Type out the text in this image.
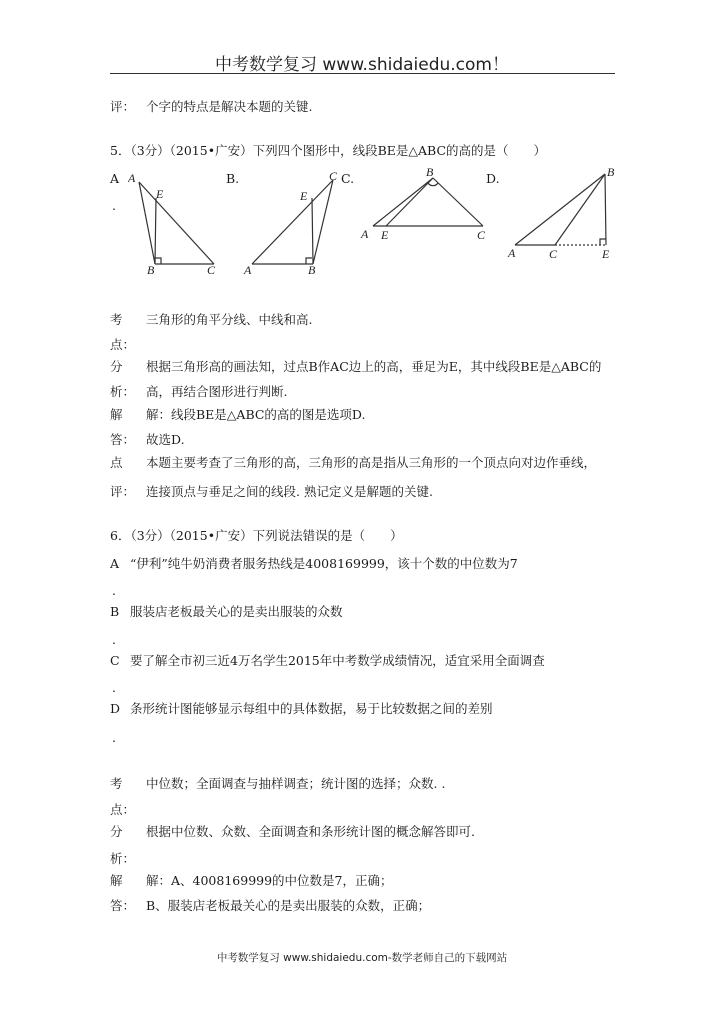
中考数学复习 www.shidaiedu.com！
评： 个字的特点是解决本题的关键.
5．（3分）（2015•广安）下列四个图形中，线段BE是△ABC的高的是（　　）
A
.
B.	C.	D.
A
E
B	C A
E
B
C	B
A E	C
B
A	C	E
考 三角形的角平分线、中线和高.
点：
分 根据三角形高的画法知，过点B作AC边上的高，垂足为E，其中线段BE是△ABC的
析： 高，再结合图形进行判断.
解 解：线段BE是△ABC的高的图是选项D.
答： 故选D.
点 本题主要考查了三角形的高，三角形的高是指从三角形的一个顶点向对边作垂线，
评： 连接顶点与垂足之间的线段. 熟记定义是解题的关键.
6．（3分）（2015•广安）下列说法错误的是（　　）
A “伊利”纯牛奶消费者服务热线是4008169999，该十个数的中位数为7
.
B 服装店老板最关心的是卖出服装的众数
.
C 要了解全市初三近4万名学生2015年中考数学成绩情况，适宜采用全面调查
.
D 条形统计图能够显示每组中的具体数据，易于比较数据之间的差别
.
考 中位数；全面调查与抽样调查；统计图的选择；众数. .
点：
分 根据中位数、众数、全面调查和条形统计图的概念解答即可.
析：
解 解：A、4008169999的中位数是7，正确；
答： B、服装店老板最关心的是卖出服装的众数，正确；
中考数学复习 www.shidaiedu.com-数学老师自己的下载网站
